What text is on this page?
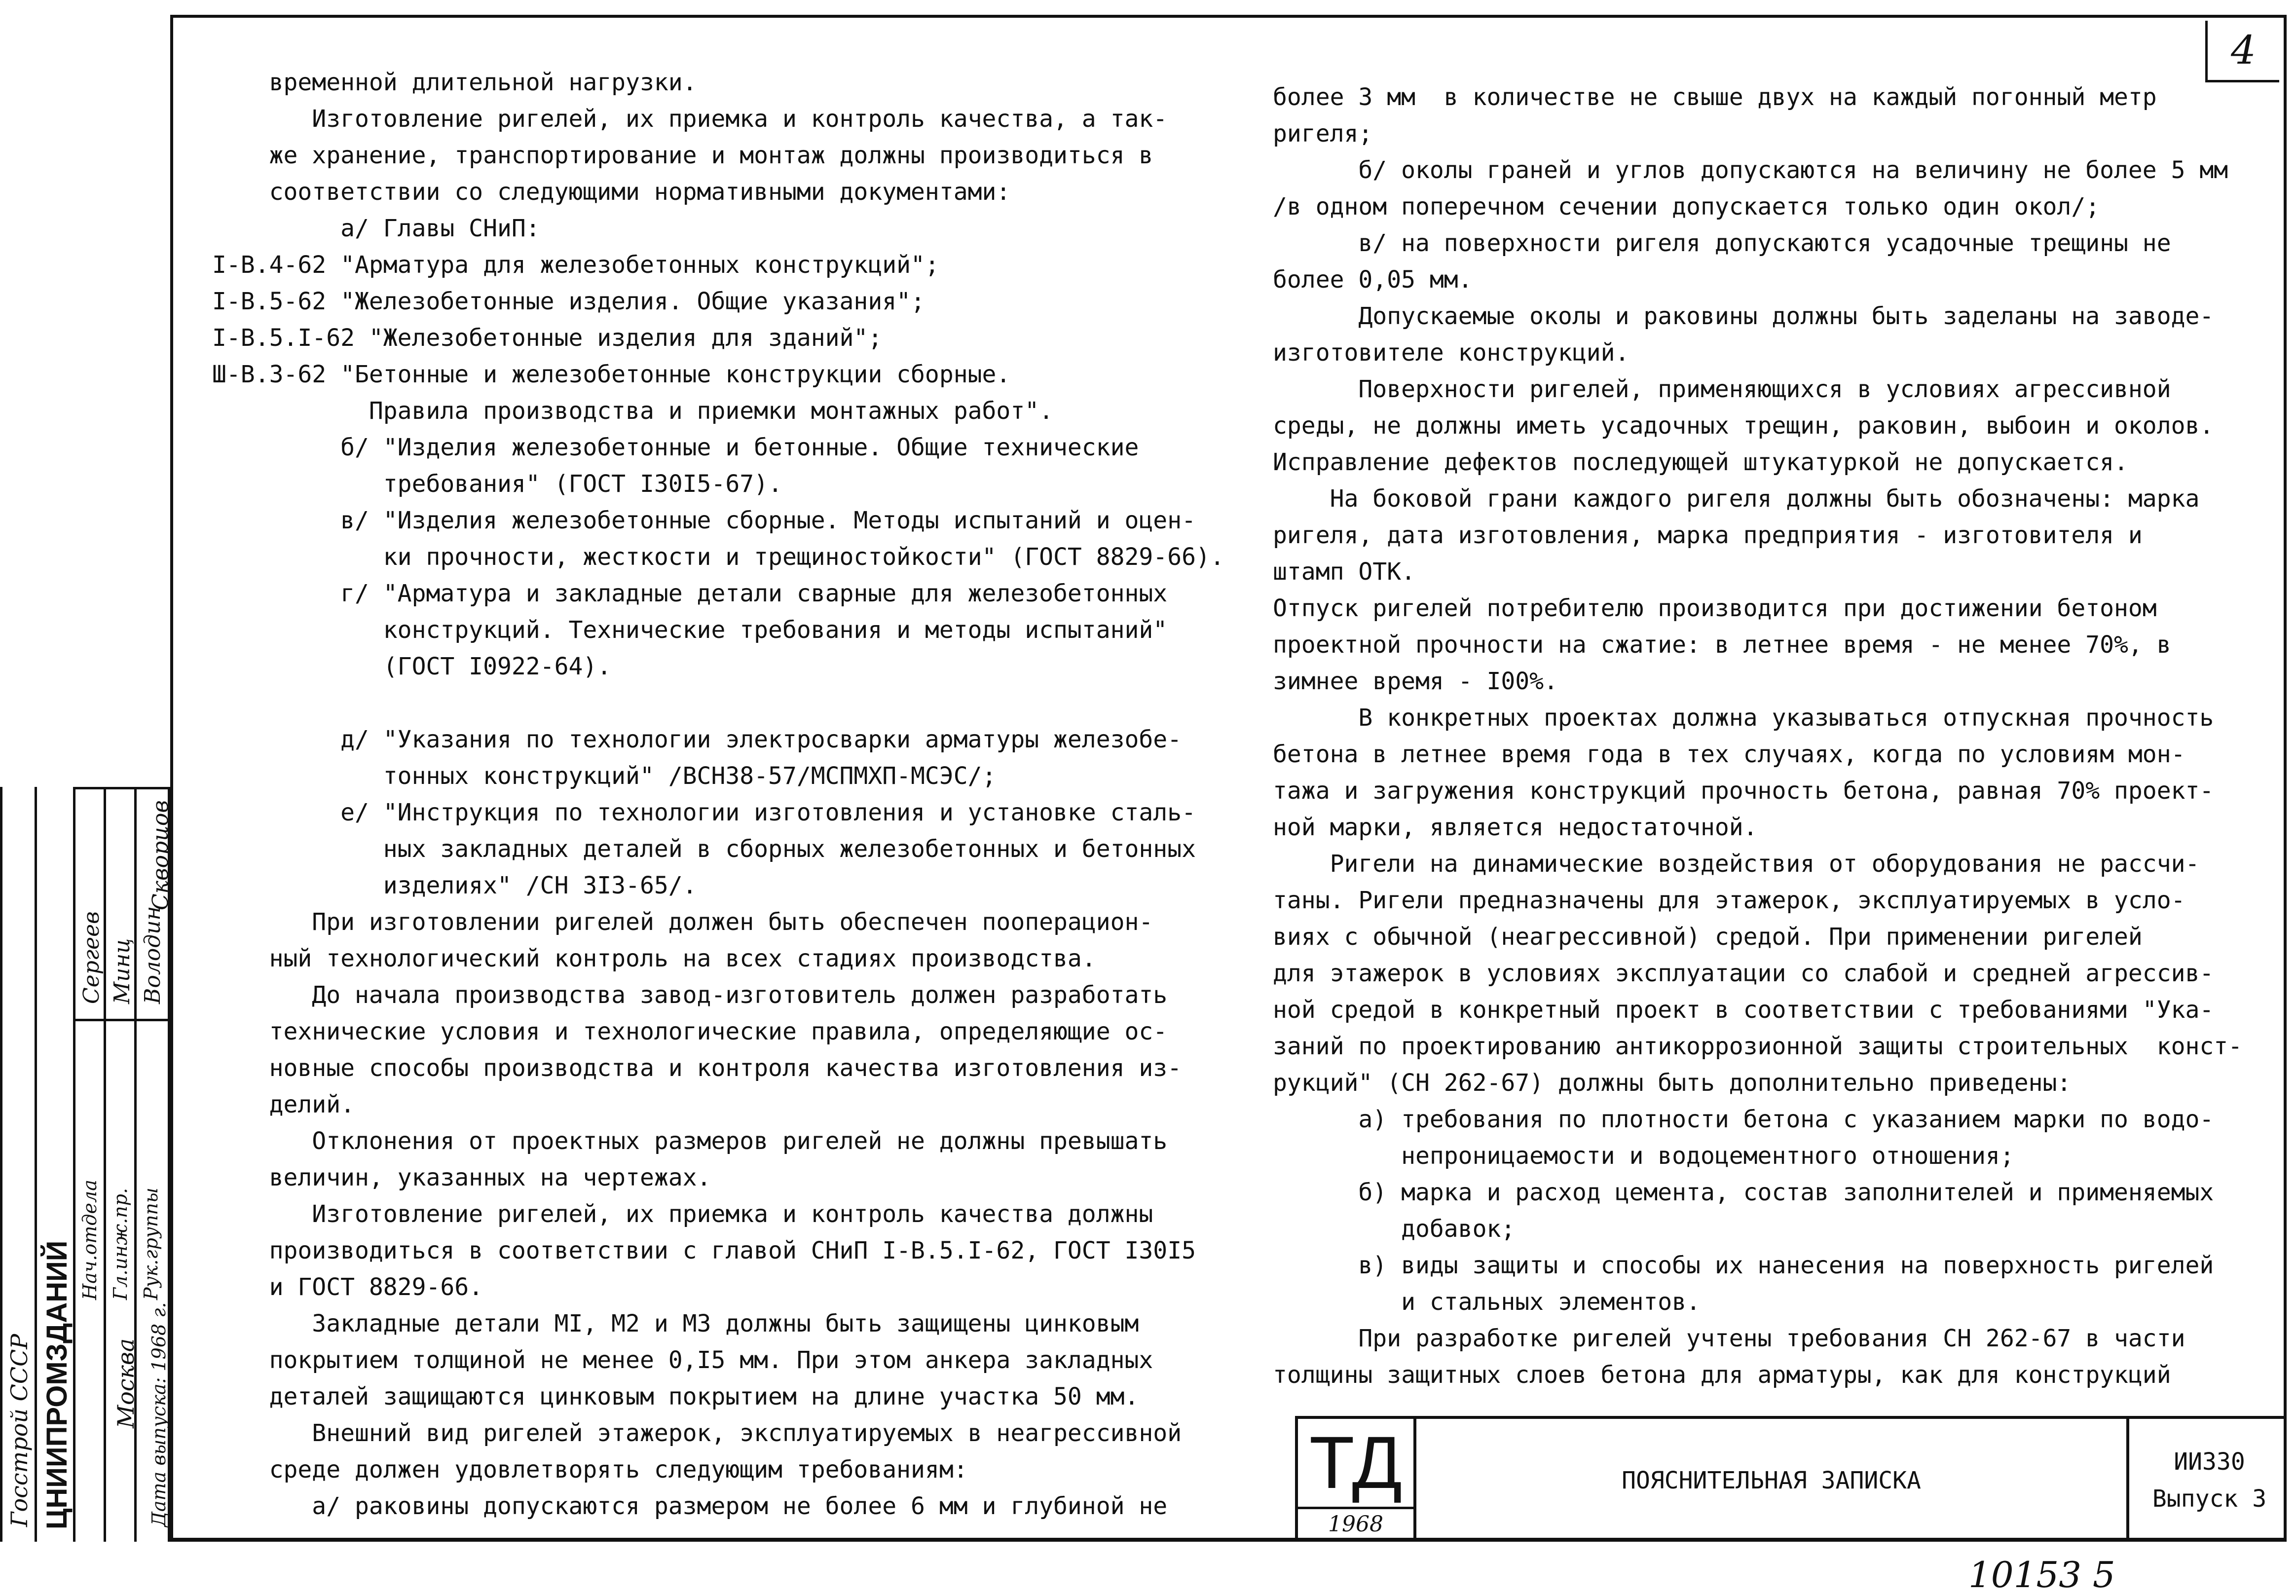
4
временной длительной нагрузки.
Изготовление ригелей, их приемка и контроль качества, а так-
же хранение, транспортирование и монтаж должны производиться в
соответствии со следующими нормативными документами:
а/ Главы СНиП:
I-В.4-62 "Арматура для железобетонных конструкций";
I-В.5-62 "Железобетонные изделия. Общие указания";
I-В.5.I-62 "Железобетонные изделия для зданий";
Ш-В.3-62 "Бетонные и железобетонные конструкции сборные.
Правила производства и приемки монтажных работ".
б/ "Изделия железобетонные и бетонные. Общие технические
требования" (ГОСТ I30I5-67).
в/ "Изделия железобетонные сборные. Методы испытаний и оцен-
ки прочности, жесткости и трещиностойкости" (ГОСТ 8829-66).
г/ "Арматура и закладные детали сварные для железобетонных
конструкций. Технические требования и методы испытаний"
(ГОСТ I0922-64).

д/ "Указания по технологии электросварки арматуры железобе-
тонных конструкций" /ВСН38-57/МСПМХП-МСЭС/;
е/ "Инструкция по технологии изготовления и установке сталь-
ных закладных деталей в сборных железобетонных и бетонных
изделиях" /СН 3I3-65/.
При изготовлении ригелей должен быть обеспечен пооперацион-
ный технологический контроль на всех стадиях производства.
До начала производства завод-изготовитель должен разработать
технические условия и технологические правила, определяющие ос-
новные способы производства и контроля качества изготовления из-
делий.
Отклонения от проектных размеров ригелей не должны превышать
величин, указанных на чертежах.
Изготовление ригелей, их приемка и контроль качества должны
производиться в соответствии с главой СНиП I-В.5.I-62, ГОСТ I30I5
и ГОСТ 8829-66.
Закладные детали МI, М2 и М3 должны быть защищены цинковым
покрытием толщиной не менее 0,I5 мм. При этом анкера закладных
деталей защищаются цинковым покрытием на длине участка 50 мм.
Внешний вид ригелей этажерок, эксплуатируемых в неагрессивной
среде должен удовлетворять следующим требованиям:
а/ раковины допускаются размером не более 6 мм и глубиной не
более 3 мм  в количестве не свыше двух на каждый погонный метр
ригеля;
б/ околы граней и углов допускаются на величину не более 5 мм
/в одном поперечном сечении допускается только один окол/;
в/ на поверхности ригеля допускаются усадочные трещины не
более 0,05 мм.
Допускаемые околы и раковины должны быть заделаны на заводе-
изготовителе конструкций.
Поверхности ригелей, применяющихся в условиях агрессивной
среды, не должны иметь усадочных трещин, раковин, выбоин и околов.
Исправление дефектов последующей штукатуркой не допускается.
На боковой грани каждого ригеля должны быть обозначены: марка
ригеля, дата изготовления, марка предприятия - изготовителя и
штамп ОТК.
Отпуск ригелей потребителю производится при достижении бетоном
проектной прочности на сжатие: в летнее время - не менее 70%, в
зимнее время - I00%.
В конкретных проектах должна указываться отпускная прочность
бетона в летнее время года в тех случаях, когда по условиям мон-
тажа и загружения конструкций прочность бетона, равная 70% проект-
ной марки, является недостаточной.
Ригели на динамические воздействия от оборудования не рассчи-
таны. Ригели предназначены для этажерок, эксплуатируемых в усло-
виях с обычной (неагрессивной) средой. При применении ригелей
для этажерок в условиях эксплуатации со слабой и средней агрессив-
ной средой в конкретный проект в соответствии с требованиями "Ука-
заний по проектированию антикоррозионной защиты строительных  конст-
рукций" (СН 262-67) должны быть дополнительно приведены:
а) требования по плотности бетона с указанием марки по водо-
непроницаемости и водоцементного отношения;
б) марка и расход цемента, состав заполнителей и применяемых
добавок;
в) виды защиты и способы их нанесения на поверхность ригелей
и стальных элементов.
При разработке ригелей учтены требования СН 262-67 в части
толщины защитных слоев бетона для арматуры, как для конструкций
Госстрой СССР ЦНИИПРОМЗДАНИЙ Москва
Нач.отдела Гл.инж.пр. Рук.группы
Дата выпуска: 1968 г.
Сергеев Минц Володин
Скворцов
ТД
1968
ПОЯСНИТЕЛЬНАЯ ЗАПИСКА
ИИ330
Выпуск 3
10153 5
